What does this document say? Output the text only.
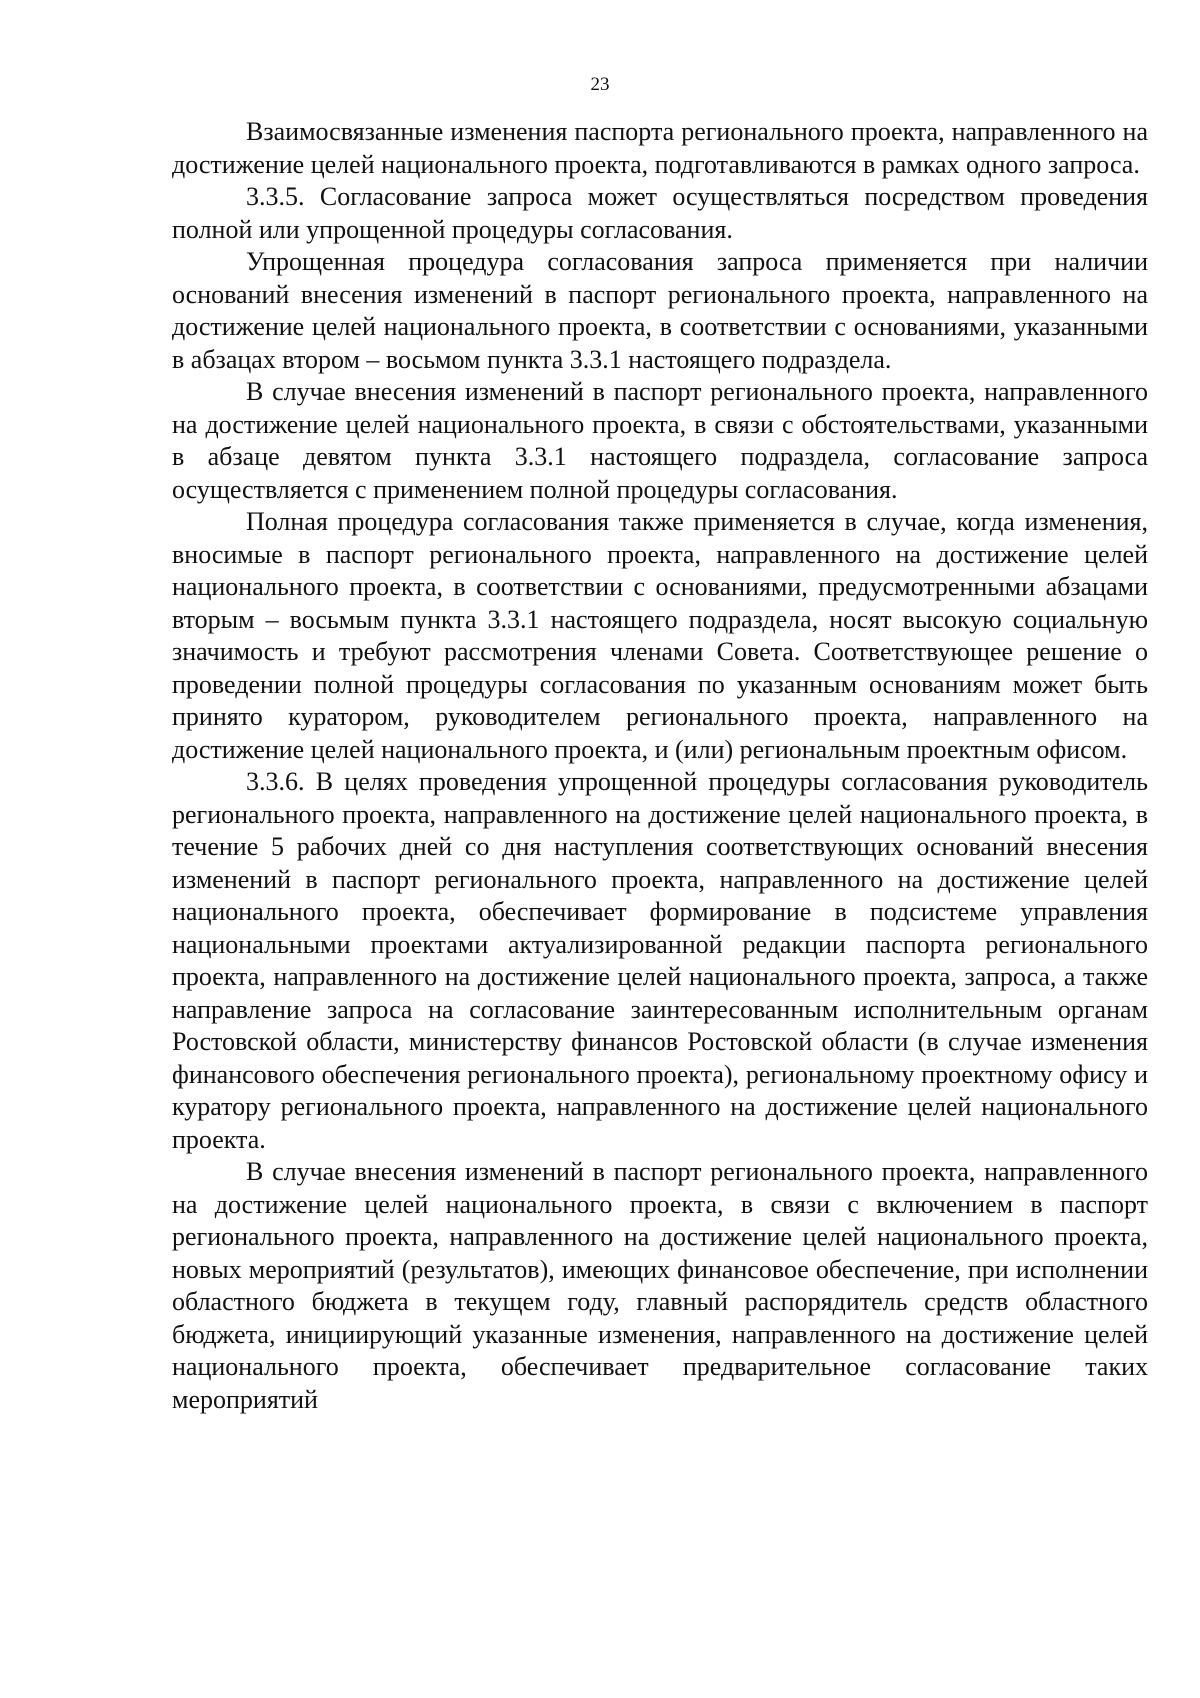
23

Взаимосвязанные изменения паспорта регионального проекта, направленного на достижение целей национального проекта, подготавливаются в рамках одного запроса.

3.3.5. Согласование запроса может осуществляться посредством проведения полной или упрощенной процедуры согласования.

Упрощенная процедура согласования запроса применяется при наличии оснований внесения изменений в паспорт регионального проекта, направленного на достижение целей национального проекта, в соответствии с основаниями, указанными в абзацах втором – восьмом пункта 3.3.1 настоящего подраздела.

В случае внесения изменений в паспорт регионального проекта, направленного на достижение целей национального проекта, в связи с обстоятельствами, указанными в абзаце девятом пункта 3.3.1 настоящего подраздела, согласование запроса осуществляется с применением полной процедуры согласования.

Полная процедура согласования также применяется в случае, когда изменения, вносимые в паспорт регионального проекта, направленного на достижение целей национального проекта, в соответствии с основаниями, предусмотренными абзацами вторым – восьмым пункта 3.3.1 настоящего подраздела, носят высокую социальную значимость и требуют рассмотрения членами Совета. Соответствующее решение о проведении полной процедуры согласования по указанным основаниям может быть принято куратором, руководителем регионального проекта, направленного на достижение целей национального проекта, и (или) региональным проектным офисом.

3.3.6. В целях проведения упрощенной процедуры согласования руководитель регионального проекта, направленного на достижение целей национального проекта, в течение 5 рабочих дней со дня наступления соответствующих оснований внесения изменений в паспорт регионального проекта, направленного на достижение целей национального проекта, обеспечивает формирование в подсистеме управления национальными проектами актуализированной редакции паспорта регионального проекта, направленного на достижение целей национального проекта, запроса, а также направление запроса на согласование заинтересованным исполнительным органам Ростовской области, министерству финансов Ростовской области (в случае изменения финансового обеспечения регионального проекта), региональному проектному офису и куратору регионального проекта, направленного на достижение целей национального проекта.

В случае внесения изменений в паспорт регионального проекта, направленного на достижение целей национального проекта, в связи с включением в паспорт регионального проекта, направленного на достижение целей национального проекта, новых мероприятий (результатов), имеющих финансовое обеспечение, при исполнении областного бюджета в текущем году, главный распорядитель средств областного бюджета, инициирующий указанные изменения, направленного на достижение целей национального проекта, обеспечивает предварительное согласование таких мероприятий
